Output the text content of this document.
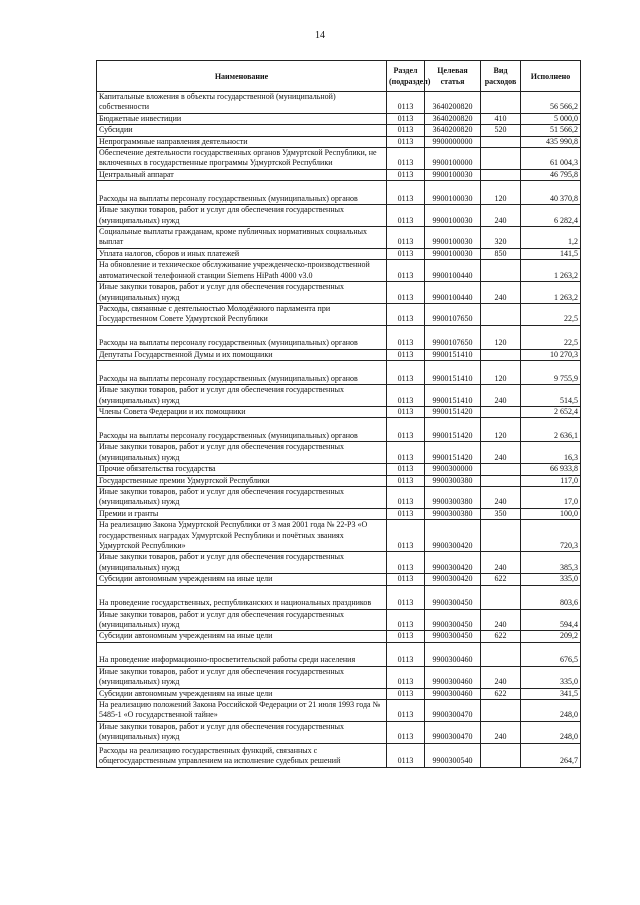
14
Наименование	Раздел (подраздел)	Целевая статья	Вид расходов	Исполнено
Капитальные вложения в объекты государственной (муниципальной) собственности	0113	3640200820		56 566,2
Бюджетные инвестиции	0113	3640200820	410	5 000,0
Субсидии	0113	3640200820	520	51 566,2
Непрограммные направления деятельности	0113	9900000000		435 990,8
Обеспечение деятельности государственных органов Удмуртской Республики, не включенных в государственные программы Удмуртской Республики	0113	9900100000		61 004,3
Центральный аппарат	0113	9900100030		46 795,8
Расходы на выплаты персоналу государственных (муниципальных) органов	0113	9900100030	120	40 370,8
Иные закупки товаров, работ и услуг для обеспечения государственных (муниципальных) нужд	0113	9900100030	240	6 282,4
Социальные выплаты гражданам, кроме публичных нормативных социальных выплат	0113	9900100030	320	1,2
Уплата налогов, сборов и иных платежей	0113	9900100030	850	141,5
На обновление и техническое обслуживание учрежденческо-производственной автоматической телефонной станции Siemens HiPath 4000 v3.0	0113	9900100440		1 263,2
Иные закупки товаров, работ и услуг для обеспечения государственных (муниципальных) нужд	0113	9900100440	240	1 263,2
Расходы, связанные с деятельностью Молодёжного парламента при Государственном Совете Удмуртской Республики	0113	9900107650		22,5
Расходы на выплаты персоналу государственных (муниципальных) органов	0113	9900107650	120	22,5
Депутаты Государственной Думы и их помощники	0113	9900151410		10 270,3
Расходы на выплаты персоналу государственных (муниципальных) органов	0113	9900151410	120	9 755,9
Иные закупки товаров, работ и услуг для обеспечения государственных (муниципальных) нужд	0113	9900151410	240	514,5
Члены Совета Федерации и их помощники	0113	9900151420		2 652,4
Расходы на выплаты персоналу государственных (муниципальных) органов	0113	9900151420	120	2 636,1
Иные закупки товаров, работ и услуг для обеспечения государственных (муниципальных) нужд	0113	9900151420	240	16,3
Прочие обязательства государства	0113	9900300000		66 933,8
Государственные премии Удмуртской Республики	0113	9900300380		117,0
Иные закупки товаров, работ и услуг для обеспечения государственных (муниципальных) нужд	0113	9900300380	240	17,0
Премии и гранты	0113	9900300380	350	100,0
На реализацию Закона Удмуртской Республики от 3 мая 2001 года № 22-РЗ «О государственных наградах Удмуртской Республики и почётных званиях Удмуртской Республики»	0113	9900300420		720,3
Иные закупки товаров, работ и услуг для обеспечения государственных (муниципальных) нужд	0113	9900300420	240	385,3
Субсидии автономным учреждениям на иные цели	0113	9900300420	622	335,0
На проведение государственных, республиканских и национальных праздников	0113	9900300450		803,6
Иные закупки товаров, работ и услуг для обеспечения государственных (муниципальных) нужд	0113	9900300450	240	594,4
Субсидии автономным учреждениям на иные цели	0113	9900300450	622	209,2
На проведение информационно-просветительской работы среди населения	0113	9900300460		676,5
Иные закупки товаров, работ и услуг для обеспечения государственных (муниципальных) нужд	0113	9900300460	240	335,0
Субсидии автономным учреждениям на иные цели	0113	9900300460	622	341,5
На реализацию положений Закона Российской Федерации от 21 июля 1993 года № 5485-1 «О государственной тайне»	0113	9900300470		248,0
Иные закупки товаров, работ и услуг для обеспечения государственных (муниципальных) нужд	0113	9900300470	240	248,0
Расходы на реализацию государственных функций, связанных с общегосударственным управлением на исполнение судебных решений	0113	9900300540		264,7
